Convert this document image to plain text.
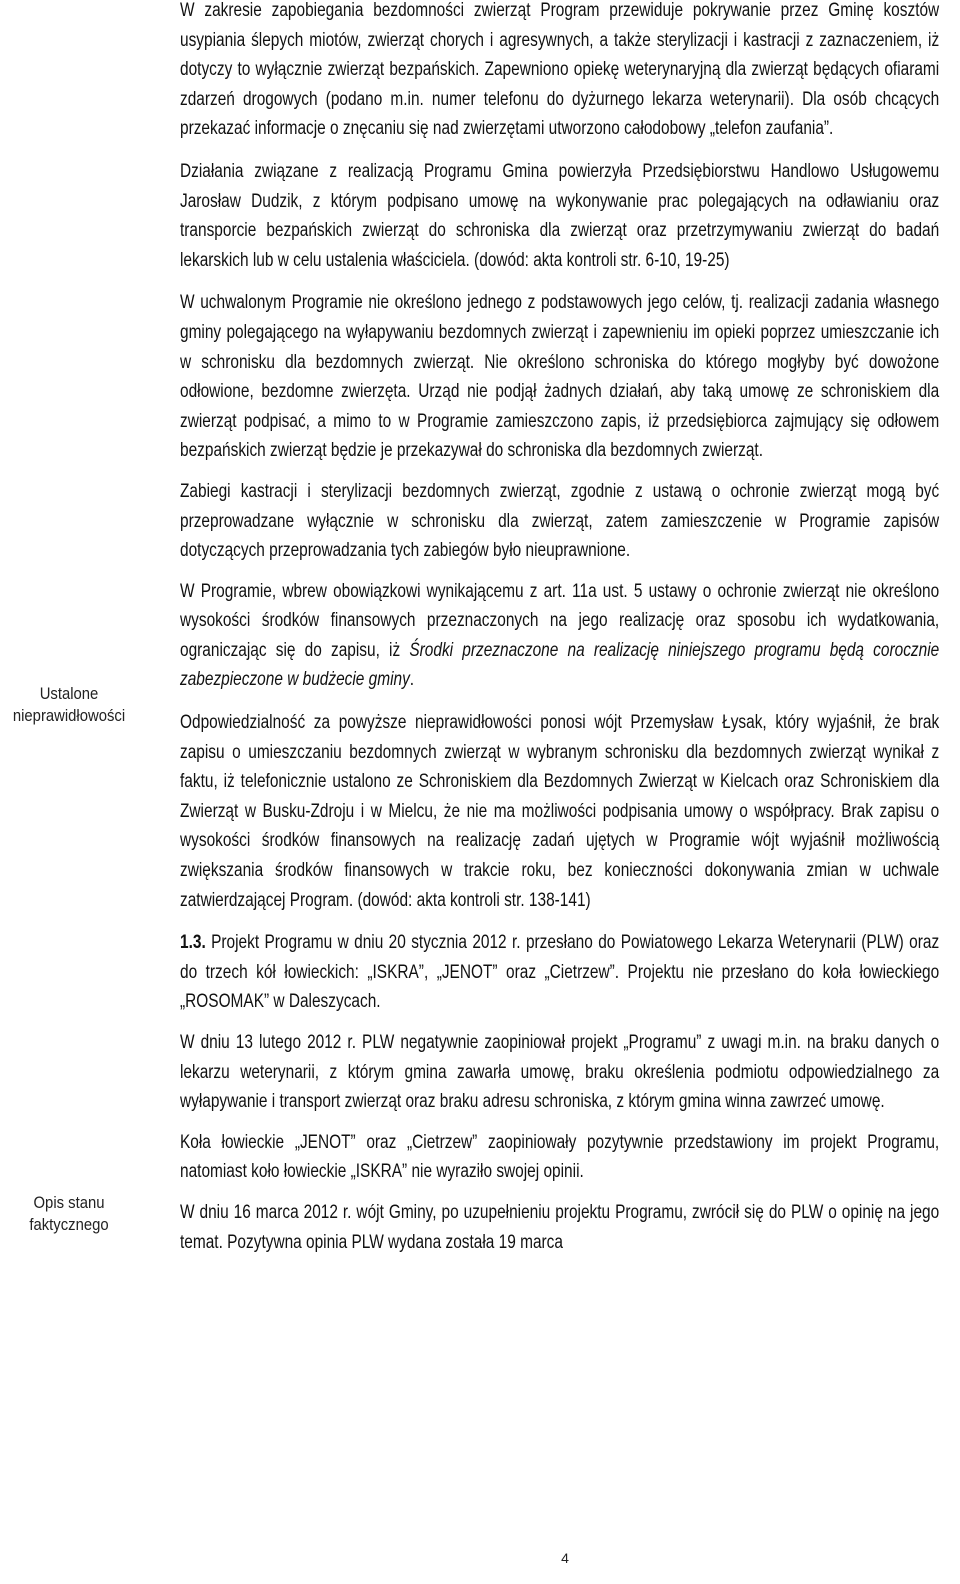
Ustalone nieprawidłowości
Opis stanu faktycznego

W zakresie zapobiegania bezdomności zwierząt Program przewiduje pokrywanie przez Gminę kosztów usypiania ślepych miotów, zwierząt chorych i agresywnych, a także sterylizacji i kastracji z zaznaczeniem, iż dotyczy to wyłącznie zwierząt bezpańskich. Zapewniono opiekę weterynaryjną dla zwierząt będących ofiarami zdarzeń drogowych (podano m.in. numer telefonu do dyżurnego lekarza weterynarii). Dla osób chcących przekazać informacje o znęcaniu się nad zwierzętami utworzono całodobowy „telefon zaufania”.

Działania związane z realizacją Programu Gmina powierzyła Przedsiębiorstwu Handlowo Usługowemu Jarosław Dudzik, z którym podpisano umowę na wykonywanie prac polegających na odławianiu oraz transporcie bezpańskich zwierząt do schroniska dla zwierząt oraz przetrzymywaniu zwierząt do badań lekarskich lub w celu ustalenia właściciela. (dowód: akta kontroli str. 6-10, 19-25)

W uchwalonym Programie nie określono jednego z podstawowych jego celów, tj. realizacji zadania własnego gminy polegającego na wyłapywaniu bezdomnych zwierząt i zapewnieniu im opieki poprzez umieszczanie ich w schronisku dla bezdomnych zwierząt. Nie określono schroniska do którego mogłyby być dowożone odłowione, bezdomne zwierzęta. Urząd nie podjął żadnych działań, aby taką umowę ze schroniskiem dla zwierząt podpisać, a mimo to w Programie zamieszczono zapis, iż przedsiębiorca zajmujący się odłowem bezpańskich zwierząt będzie je przekazywał do schroniska dla bezdomnych zwierząt.

Zabiegi kastracji i sterylizacji bezdomnych zwierząt, zgodnie z ustawą o ochronie zwierząt mogą być przeprowadzane wyłącznie w schronisku dla zwierząt, zatem zamieszczenie w Programie zapisów dotyczących przeprowadzania tych zabiegów było nieuprawnione.

W Programie, wbrew obowiązkowi wynikającemu z art. 11a ust. 5 ustawy o ochronie zwierząt nie określono wysokości środków finansowych przeznaczonych na jego realizację oraz sposobu ich wydatkowania, ograniczając się do zapisu, iż Środki przeznaczone na realizację niniejszego programu będą corocznie zabezpieczone w budżecie gminy.

Odpowiedzialność za powyższe nieprawidłowości ponosi wójt Przemysław Łysak, który wyjaśnił, że brak zapisu o umieszczaniu bezdomnych zwierząt w wybranym schronisku dla bezdomnych zwierząt wynikał z faktu, iż telefonicznie ustalono ze Schroniskiem dla Bezdomnych Zwierząt w Kielcach oraz Schroniskiem dla Zwierząt w Busku-Zdroju i w Mielcu, że nie ma możliwości podpisania umowy o współpracy. Brak zapisu o wysokości środków finansowych na realizację zadań ujętych w Programie wójt wyjaśnił możliwością zwiększania środków finansowych w trakcie roku, bez konieczności dokonywania zmian w uchwale zatwierdzającej Program. (dowód: akta kontroli str. 138-141)

1.3. Projekt Programu w dniu 20 stycznia 2012 r. przesłano do Powiatowego Lekarza Weterynarii (PLW) oraz do trzech kół łowieckich: „ISKRA”, „JENOT” oraz „Cietrzew”. Projektu nie przesłano do koła łowieckiego „ROSOMAK” w Daleszycach.

W dniu 13 lutego 2012 r. PLW negatywnie zaopiniował projekt „Programu” z uwagi m.in. na braku danych o lekarzu weterynarii, z którym gmina zawarła umowę, braku określenia podmiotu odpowiedzialnego za wyłapywanie i transport zwierząt oraz braku adresu schroniska, z którym gmina winna zawrzeć umowę.

Koła łowieckie „JENOT” oraz „Cietrzew” zaopiniowały pozytywnie przedstawiony im projekt Programu, natomiast koło łowieckie „ISKRA” nie wyraziło swojej opinii.

W dniu 16 marca 2012 r. wójt Gminy, po uzupełnieniu projektu Programu, zwrócił się do PLW o opinię na jego temat. Pozytywna opinia PLW wydana została 19 marca

4
